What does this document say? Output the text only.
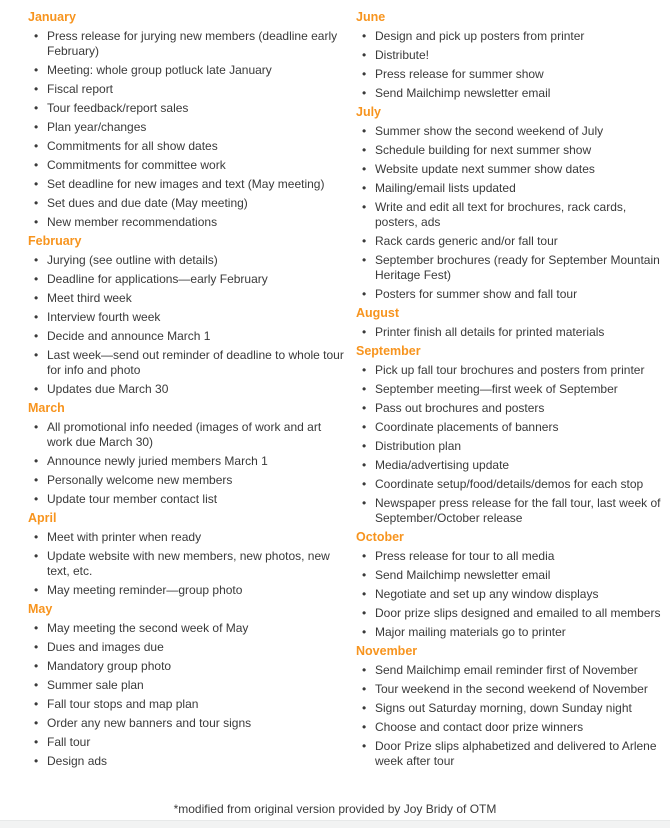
January
• Press release for jurying new members (deadline early February)
• Meeting: whole group potluck late January
• Fiscal report
• Tour feedback/report sales
• Plan year/changes
• Commitments for all show dates
• Commitments for committee work
• Set deadline for new images and text (May meeting)
• Set dues and due date (May meeting)
• New member recommendations
February
• Jurying (see outline with details)
• Deadline for applications—early February
• Meet third week
• Interview fourth week
• Decide and announce March 1
• Last week—send out reminder of deadline to whole tour for info and photo
• Updates due March 30
March
• All promotional info needed (images of work and art work due March 30)
• Announce newly juried members March 1
• Personally welcome new members
• Update tour member contact list
April
• Meet with printer when ready
• Update website with new members, new photos, new text, etc.
• May meeting reminder—group photo
May
• May meeting the second week of May
• Dues and images due
• Mandatory group photo
• Summer sale plan
• Fall tour stops and map plan
• Order any new banners and tour signs
• Fall tour
• Design ads
June
• Design and pick up posters from printer
• Distribute!
• Press release for summer show
• Send Mailchimp newsletter email
July
• Summer show the second weekend of July
• Schedule building for next summer show
• Website update next summer show dates
• Mailing/email lists updated
• Write and edit all text for brochures, rack cards, posters, ads
• Rack cards generic and/or fall tour
• September brochures (ready for September Mountain Heritage Fest)
• Posters for summer show and fall tour
August
• Printer finish all details for printed materials
September
• Pick up fall tour brochures and posters from printer
• September meeting—first week of September
• Pass out brochures and posters
• Coordinate placements of banners
• Distribution plan
• Media/advertising update
• Coordinate setup/food/details/demos for each stop
• Newspaper press release for the fall tour, last week of September/October release
October
• Press release for tour to all media
• Send Mailchimp newsletter email
• Negotiate and set up any window displays
• Door prize slips designed and emailed to all members
• Major mailing materials go to printer
November
• Send Mailchimp email reminder first of November
• Tour weekend in the second weekend of November
• Signs out Saturday morning, down Sunday night
• Choose and contact door prize winners
• Door Prize slips alphabetized and delivered to Arlene week after tour
*modified from original version provided by Joy Bridy of OTM
